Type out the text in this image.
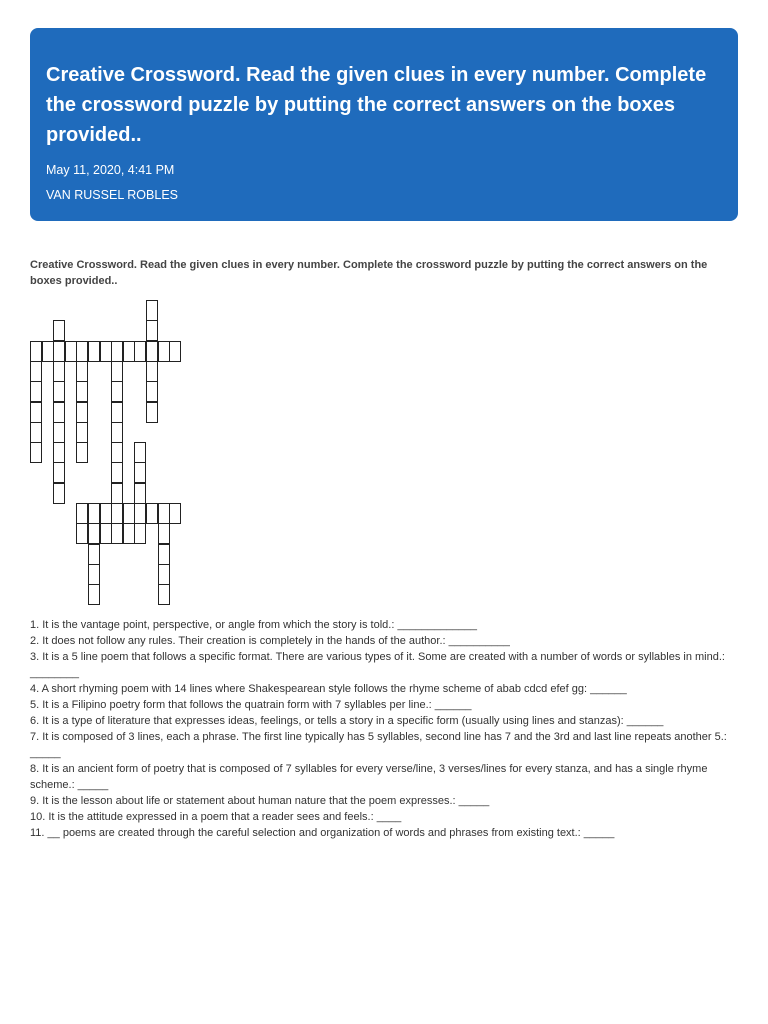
Creative Crossword. Read the given clues in every number. Complete the crossword puzzle by putting the correct answers on the boxes provided..
May 11, 2020, 4:41 PM
VAN RUSSEL ROBLES
Creative Crossword. Read the given clues in every number. Complete the crossword puzzle by putting the correct answers on the boxes provided..

1. It is the vantage point, perspective, or angle from which the story is told.: _____________

2. It does not follow any rules. Their creation is completely in the hands of the author.: __________

3. It is a 5 line poem that follows a specific format. There are various types of it. Some are created with a number of words or syllables in mind.: ________

4. A short rhyming poem with 14 lines where Shakespearean style follows the rhyme scheme of abab cdcd efef gg: ______

5. It is a Filipino poetry form that follows the quatrain form with 7 syllables per line.: ______

6. It is a type of literature that expresses ideas, feelings, or tells a story in a specific form (usually using lines and stanzas): ______

7. It is composed of 3 lines, each a phrase. The first line typically has 5 syllables, second line has 7 and the 3rd and last line repeats another 5.: _____

8. It is an ancient form of poetry that is composed of 7 syllables for every verse/line, 3 verses/lines for every stanza, and has a single rhyme scheme.: _____

9. It is the lesson about life or statement about human nature that the poem expresses.: _____

10. It is the attitude expressed in a poem that a reader sees and feels.: ____

11. __ poems are created through the careful selection and organization of words and phrases from existing text.: _____
